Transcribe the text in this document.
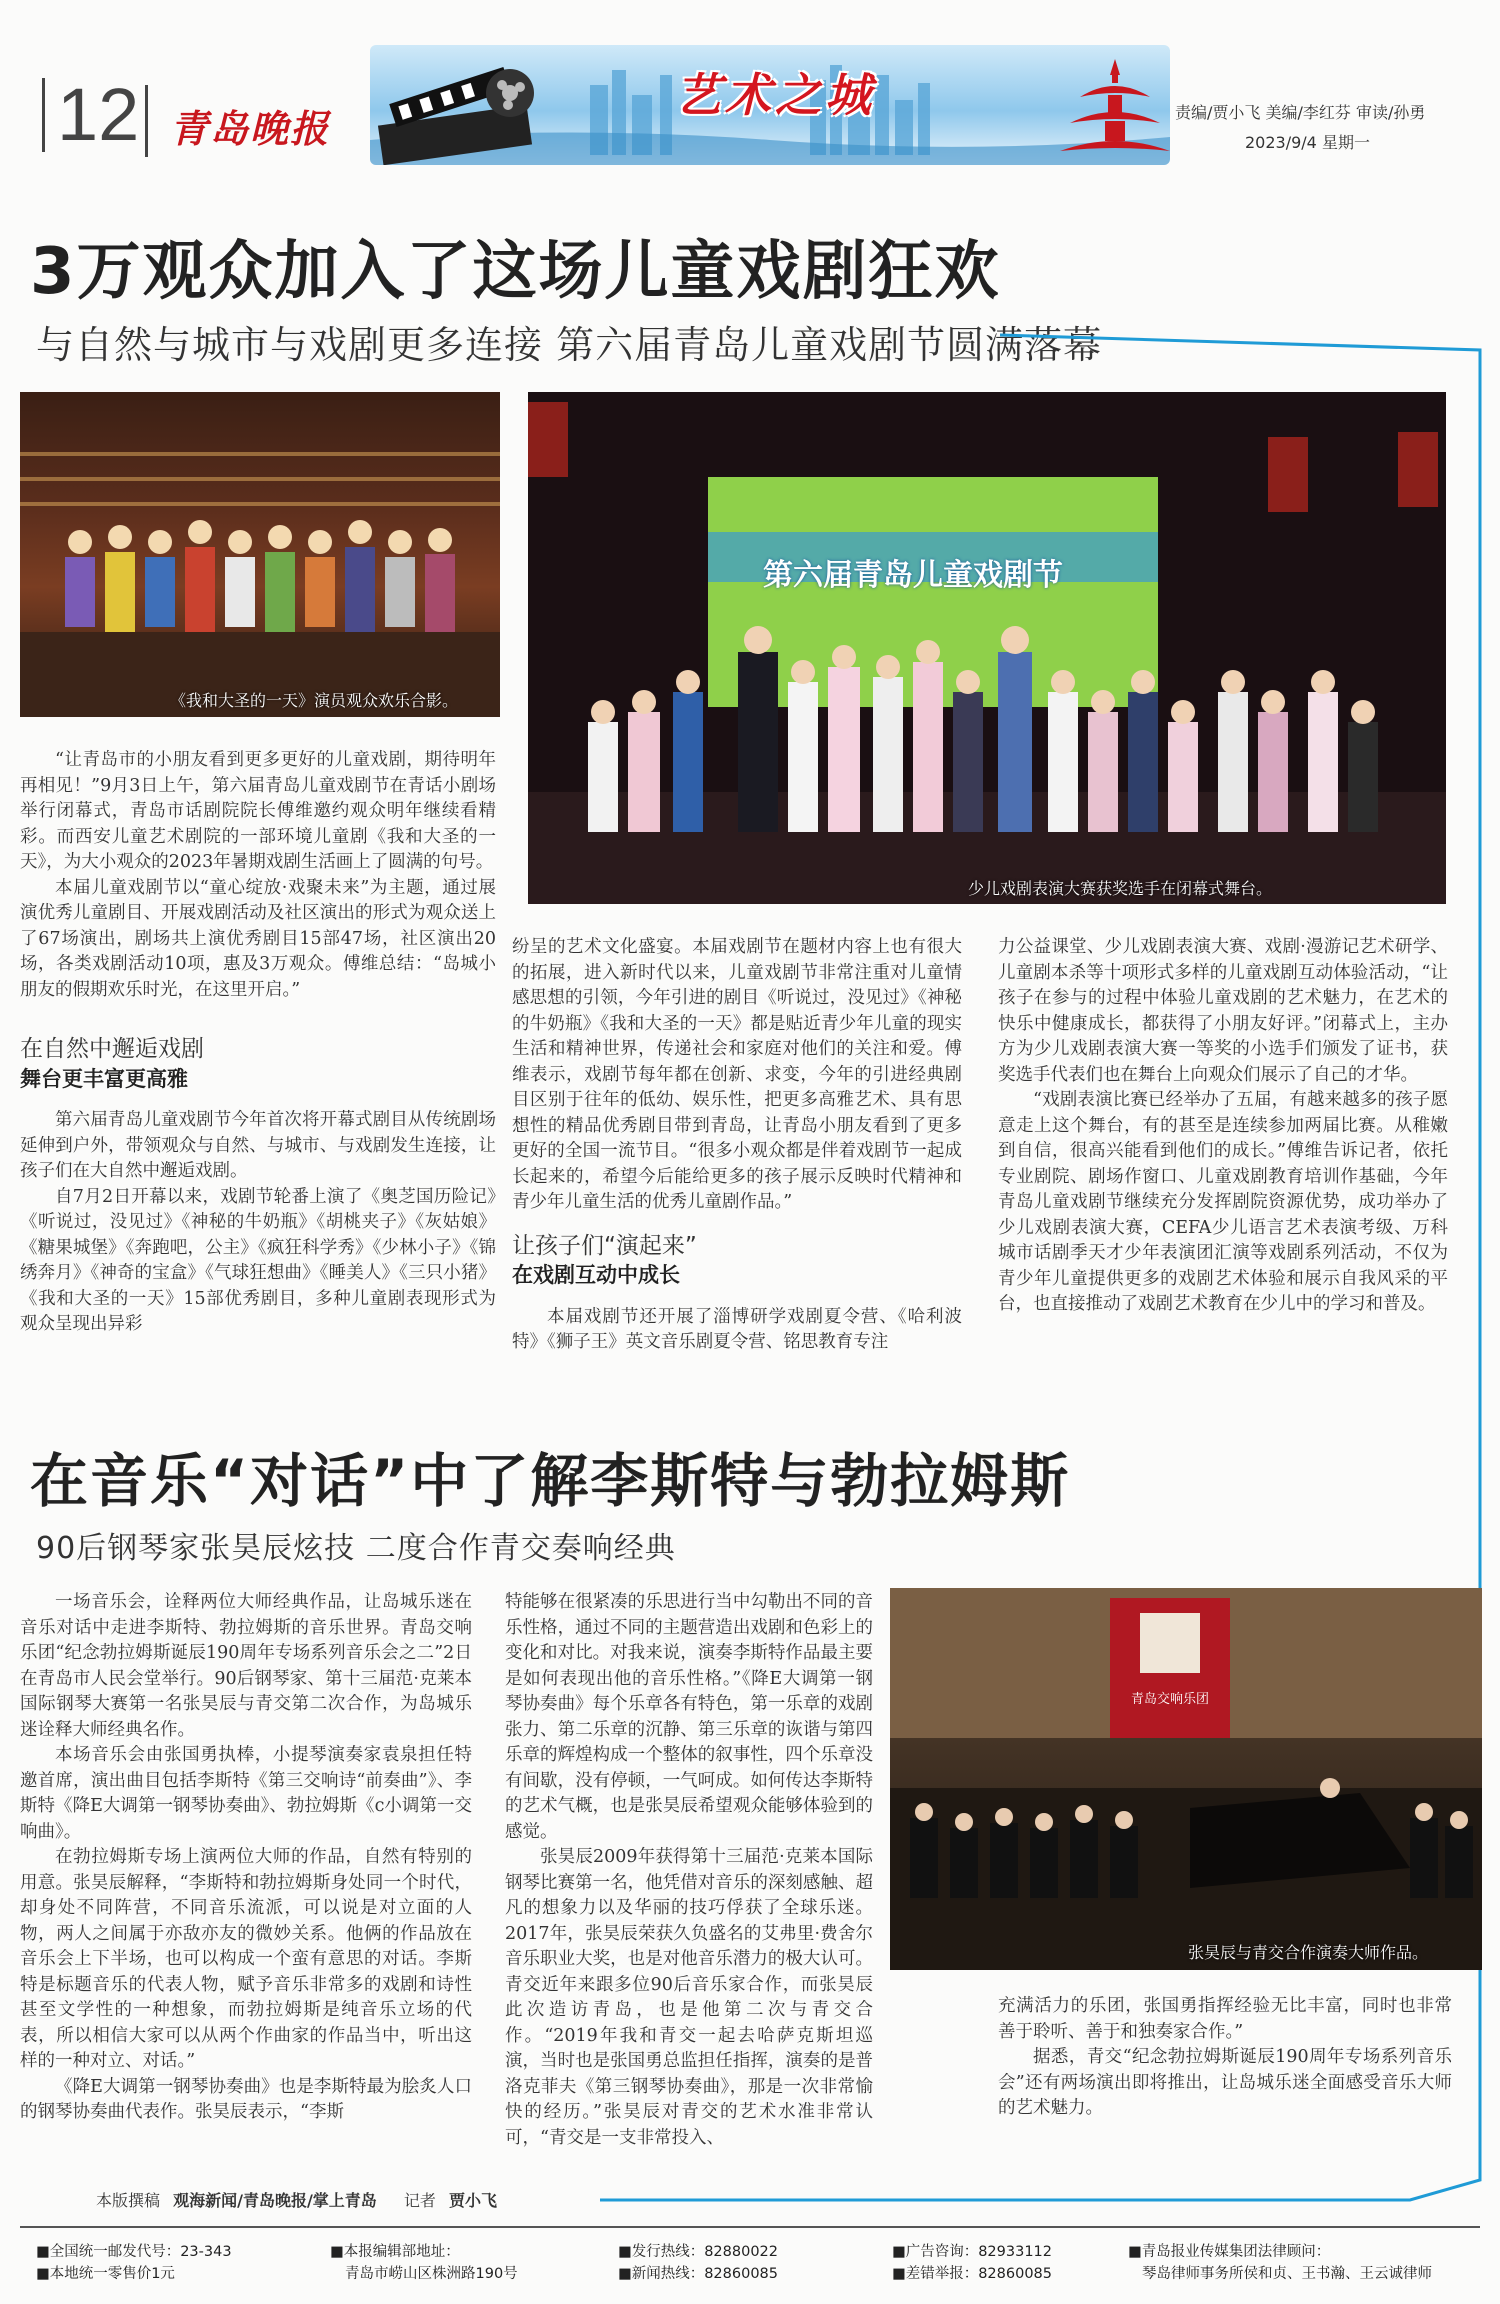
12 青岛晚报
艺术之城	责编/贾小飞 美编/李红芬 审读/孙勇
2023/9/4 星期一
3万观众加入了这场儿童戏剧狂欢
与自然与城市与戏剧更多连接 第六届青岛儿童戏剧节圆满落幕
《我和大圣的一天》演员观众欢乐合影。
第六届青岛儿童戏剧节
少儿戏剧表演大赛获奖选手在闭幕式舞台。

“让青岛市的小朋友看到更多更好的儿童戏剧，期待明年再相见！”9月3日上午，第六届青岛儿童戏剧节在青话小剧场举行闭幕式，青岛市话剧院院长傅维邀约观众明年继续看精彩。而西安儿童艺术剧院的一部环境儿童剧《我和大圣的一天》，为大小观众的2023年暑期戏剧生活画上了圆满的句号。

本届儿童戏剧节以“童心绽放·戏聚未来”为主题，通过展演优秀儿童剧目、开展戏剧活动及社区演出的形式为观众送上了67场演出，剧场共上演优秀剧目15部47场，社区演出20场，各类戏剧活动10项，惠及3万观众。傅维总结：“岛城小朋友的假期欢乐时光，在这里开启。”

在自然中邂逅戏剧
舞台更丰富更高雅

第六届青岛儿童戏剧节今年首次将开幕式剧目从传统剧场延伸到户外，带领观众与自然、与城市、与戏剧发生连接，让孩子们在大自然中邂逅戏剧。

自7月2日开幕以来，戏剧节轮番上演了《奥芝国历险记》《听说过，没见过》《神秘的牛奶瓶》《胡桃夹子》《灰姑娘》《糖果城堡》《奔跑吧，公主》《疯狂科学秀》《少林小子》《锦绣奔月》《神奇的宝盒》《气球狂想曲》《睡美人》《三只小猪》《我和大圣的一天》15部优秀剧目，多种儿童剧表现形式为观众呈现出异彩

纷呈的艺术文化盛宴。本届戏剧节在题材内容上也有很大的拓展，进入新时代以来，儿童戏剧节非常注重对儿童情感思想的引领，今年引进的剧目《听说过，没见过》《神秘的牛奶瓶》《我和大圣的一天》都是贴近青少年儿童的现实生活和精神世界，传递社会和家庭对他们的关注和爱。傅维表示，戏剧节每年都在创新、求变，今年的引进经典剧目区别于往年的低幼、娱乐性，把更多高雅艺术、具有思想性的精品优秀剧目带到青岛，让青岛小朋友看到了更多更好的全国一流节目。“很多小观众都是伴着戏剧节一起成长起来的，希望今后能给更多的孩子展示反映时代精神和青少年儿童生活的优秀儿童剧作品。”

让孩子们“演起来”
在戏剧互动中成长

本届戏剧节还开展了淄博研学戏剧夏令营、《哈利波特》《狮子王》英文音乐剧夏令营、铭思教育专注

力公益课堂、少儿戏剧表演大赛、戏剧·漫游记艺术研学、儿童剧本杀等十项形式多样的儿童戏剧互动体验活动，“让孩子在参与的过程中体验儿童戏剧的艺术魅力，在艺术的快乐中健康成长，都获得了小朋友好评。”闭幕式上，主办方为少儿戏剧表演大赛一等奖的小选手们颁发了证书，获奖选手代表们也在舞台上向观众们展示了自己的才华。

“戏剧表演比赛已经举办了五届，有越来越多的孩子愿意走上这个舞台，有的甚至是连续参加两届比赛。从稚嫩到自信，很高兴能看到他们的成长。”傅维告诉记者，依托专业剧院、剧场作窗口、儿童戏剧教育培训作基础，今年青岛儿童戏剧节继续充分发挥剧院资源优势，成功举办了少儿戏剧表演大赛，CEFA少儿语言艺术表演考级、万科城市话剧季天才少年表演团汇演等戏剧系列活动，不仅为青少年儿童提供更多的戏剧艺术体验和展示自我风采的平台，也直接推动了戏剧艺术教育在少儿中的学习和普及。

在音乐“对话”中了解李斯特与勃拉姆斯
90后钢琴家张昊辰炫技 二度合作青交奏响经典
青岛交响乐团
张昊辰与青交合作演奏大师作品。

一场音乐会，诠释两位大师经典作品，让岛城乐迷在音乐对话中走进李斯特、勃拉姆斯的音乐世界。青岛交响乐团“纪念勃拉姆斯诞辰190周年专场系列音乐会之二”2日在青岛市人民会堂举行。90后钢琴家、第十三届范·克莱本国际钢琴大赛第一名张昊辰与青交第二次合作，为岛城乐迷诠释大师经典名作。

本场音乐会由张国勇执棒，小提琴演奏家袁泉担任特邀首席，演出曲目包括李斯特《第三交响诗“前奏曲”》、李斯特《降E大调第一钢琴协奏曲》、勃拉姆斯《c小调第一交响曲》。

在勃拉姆斯专场上演两位大师的作品，自然有特别的用意。张昊辰解释，“李斯特和勃拉姆斯身处同一个时代，却身处不同阵营，不同音乐流派，可以说是对立面的人物，两人之间属于亦敌亦友的微妙关系。他俩的作品放在音乐会上下半场，也可以构成一个蛮有意思的对话。李斯特是标题音乐的代表人物，赋予音乐非常多的戏剧和诗性甚至文学性的一种想象，而勃拉姆斯是纯音乐立场的代表，所以相信大家可以从两个作曲家的作品当中，听出这样的一种对立、对话。”

《降E大调第一钢琴协奏曲》也是李斯特最为脍炙人口的钢琴协奏曲代表作。张昊辰表示，“李斯

特能够在很紧凑的乐思进行当中勾勒出不同的音乐性格，通过不同的主题营造出戏剧和色彩上的变化和对比。对我来说，演奏李斯特作品最主要是如何表现出他的音乐性格。”《降E大调第一钢琴协奏曲》每个乐章各有特色，第一乐章的戏剧张力、第二乐章的沉静、第三乐章的诙谐与第四乐章的辉煌构成一个整体的叙事性，四个乐章没有间歇，没有停顿，一气呵成。如何传达李斯特的艺术气概，也是张昊辰希望观众能够体验到的感觉。

张昊辰2009年获得第十三届范·克莱本国际钢琴比赛第一名，他凭借对音乐的深刻感触、超凡的想象力以及华丽的技巧俘获了全球乐迷。2017年，张昊辰荣获久负盛名的艾弗里·费舍尔音乐职业大奖，也是对他音乐潜力的极大认可。青交近年来跟多位90后音乐家合作，而张昊辰此次造访青岛，也是他第二次与青交合作。“2019年我和青交一起去哈萨克斯坦巡演，当时也是张国勇总监担任指挥，演奏的是普洛克菲夫《第三钢琴协奏曲》，那是一次非常愉快的经历。”张昊辰对青交的艺术水准非常认可，“青交是一支非常投入、

充满活力的乐团，张国勇指挥经验无比丰富，同时也非常善于聆听、善于和独奏家合作。”

据悉，青交“纪念勃拉姆斯诞辰190周年专场系列音乐会”还有两场演出即将推出，让岛城乐迷全面感受音乐大师的艺术魅力。

本版撰稿 观海新闻/青岛晚报/掌上青岛 记者 贾小飞
■全国统一邮发代号：23-343
■本地统一零售价1元
■本报编辑部地址：
青岛市崂山区株洲路190号
■发行热线：82880022
■新闻热线：82860085
■广告咨询：82933112
■差错举报：82860085
■青岛报业传媒集团法律顾问：
琴岛律师事务所侯和贞、王书瀚、王云诚律师
